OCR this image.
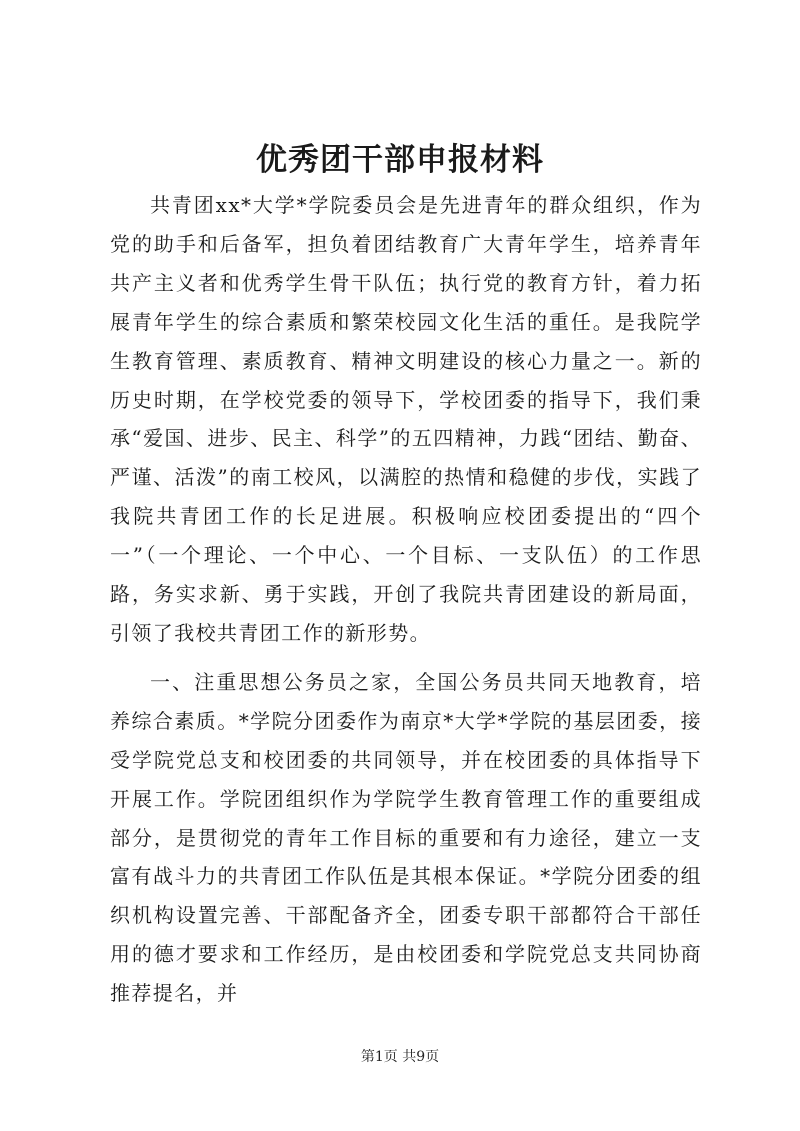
优秀团干部申报材料

共青团xx*大学*学院委员会是先进青年的群众组织，作为党的助手和后备军，担负着团结教育广大青年学生，培养青年共产主义者和优秀学生骨干队伍；执行党的教育方针，着力拓展青年学生的综合素质和繁荣校园文化生活的重任。是我院学生教育管理、素质教育、精神文明建设的核心力量之一。新的历史时期，在学校党委的领导下，学校团委的指导下，我们秉承“爱国、进步、民主、科学”的五四精神，力践“团结、勤奋、严谨、活泼”的南工校风，以满腔的热情和稳健的步伐，实践了我院共青团工作的长足进展。积极响应校团委提出的“四个一”（一个理论、一个中心、一个目标、一支队伍）的工作思路，务实求新、勇于实践，开创了我院共青团建设的新局面，引领了我校共青团工作的新形势。

一、注重思想公务员之家，全国公务员共同天地教育，培养综合素质。*学院分团委作为南京*大学*学院的基层团委，接受学院党总支和校团委的共同领导，并在校团委的具体指导下开展工作。学院团组织作为学院学生教育管理工作的重要组成部分，是贯彻党的青年工作目标的重要和有力途径，建立一支富有战斗力的共青团工作队伍是其根本保证。*学院分团委的组织机构设置完善、干部配备齐全，团委专职干部都符合干部任用的德才要求和工作经历，是由校团委和学院党总支共同协商推荐提名，并

第1页 共9页
